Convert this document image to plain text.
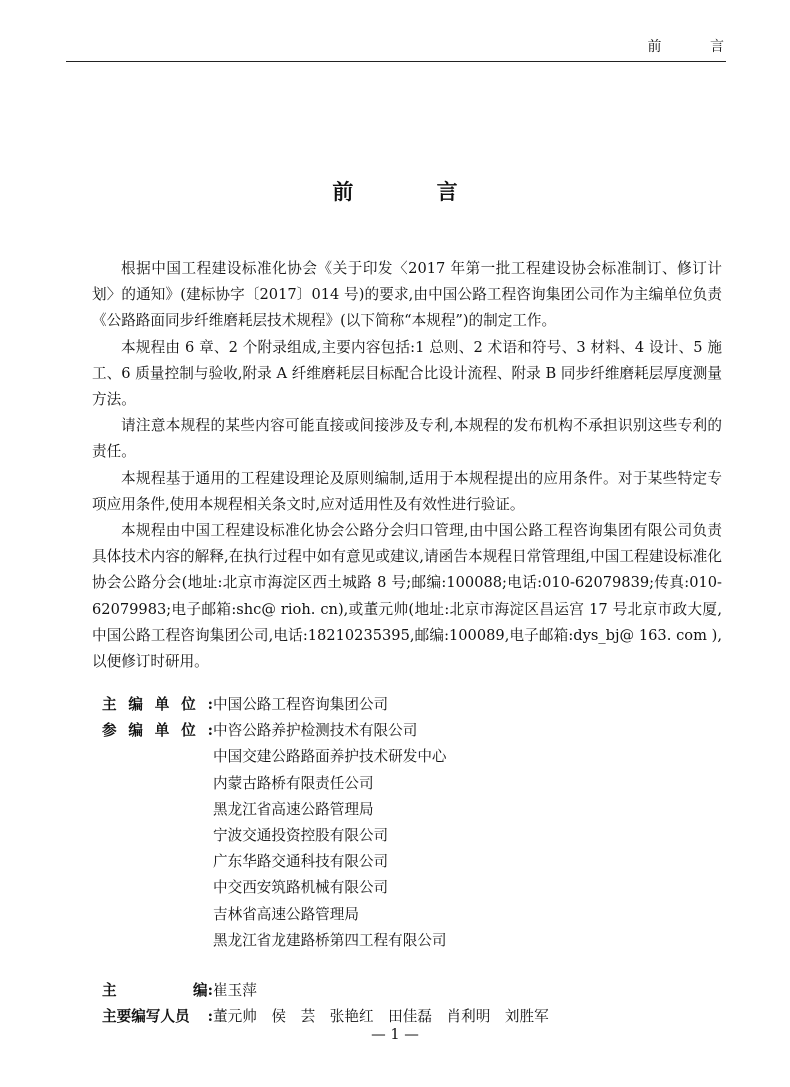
前 言
前 言

根据中国工程建设标准化协会《关于印发〈2017 年第一批工程建设协会标准制订、修订计划〉的通知》(建标协字〔2017〕014 号)的要求,由中国公路工程咨询集团公司作为主编单位负责《公路路面同步纤维磨耗层技术规程》(以下简称“本规程”)的制定工作。

本规程由 6 章、2 个附录组成,主要内容包括:1 总则、2 术语和符号、3 材料、4 设计、5 施工、6 质量控制与验收,附录 A 纤维磨耗层目标配合比设计流程、附录 B 同步纤维磨耗层厚度测量方法。

请注意本规程的某些内容可能直接或间接涉及专利,本规程的发布机构不承担识别这些专利的责任。

本规程基于通用的工程建设理论及原则编制,适用于本规程提出的应用条件。对于某些特定专项应用条件,使用本规程相关条文时,应对适用性及有效性进行验证。

本规程由中国工程建设标准化协会公路分会归口管理,由中国公路工程咨询集团有限公司负责具体技术内容的解释,在执行过程中如有意见或建议,请函告本规程日常管理组,中国工程建设标准化协会公路分会(地址:北京市海淀区西土城路 8 号;邮编:100088;电话:010-62079839;传真:010-62079983;电子邮箱:shc@ rioh. cn),或董元帅(地址:北京市海淀区昌运宫 17 号北京市政大厦,中国公路工程咨询集团公司,电话:18210235395,邮编:100089,电子邮箱:dys_bj@ 163. com ),以便修订时研用。

主 编 单 位 : 中国公路工程咨询集团公司
参 编 单 位 : 中咨公路养护检测技术有限公司
中国交建公路路面养护技术研发中心
内蒙古路桥有限责任公司
黑龙江省高速公路管理局
宁波交通投资控股有限公司
广东华路交通科技有限公司
中交西安筑路机械有限公司
吉林省高速公路管理局
黑龙江省龙建路桥第四工程有限公司
主	编 : 崔玉萍
主要编写人员 : 董元帅　侯　芸　张艳红　田佳磊　肖利明　刘胜军
— 1 —
